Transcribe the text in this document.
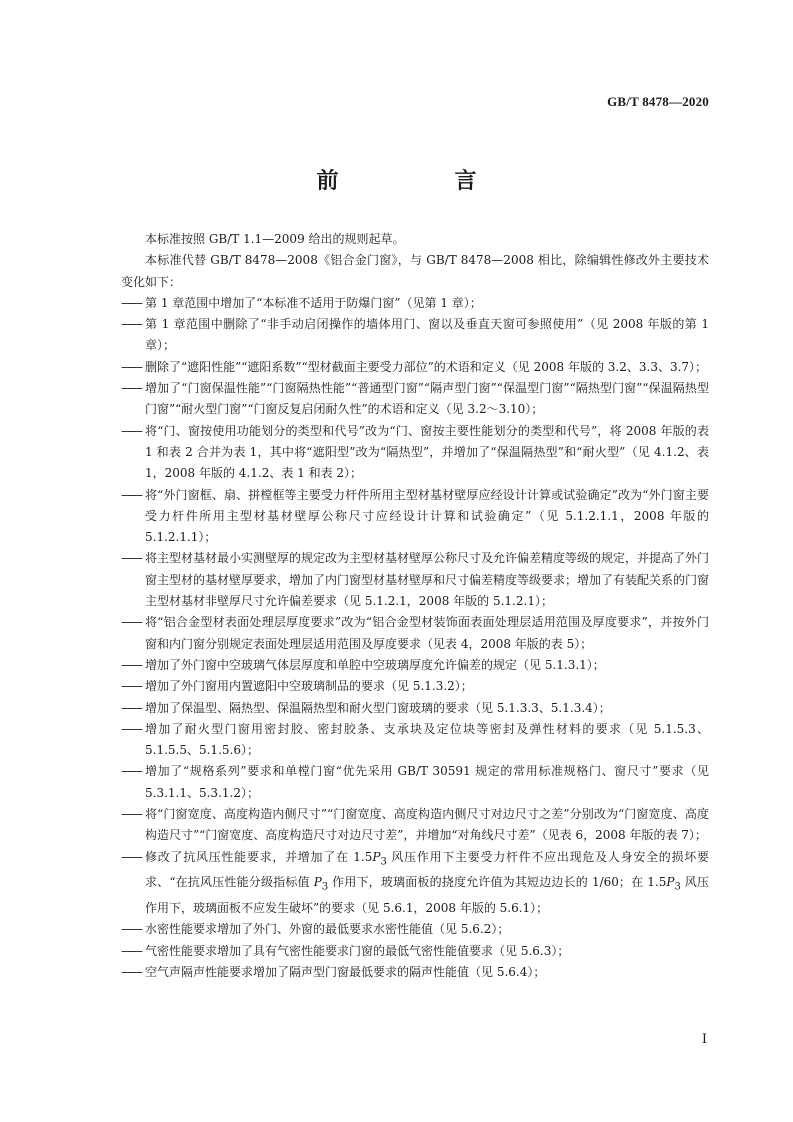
GB/T 8478—2020
前　　言

本标准按照 GB/T 1.1—2009 给出的规则起草。

本标准代替 GB/T 8478—2008《铝合金门窗》，与 GB/T 8478—2008 相比，除编辑性修改外主要技术变化如下：

—— 第 1 章范围中增加了“本标准不适用于防爆门窗”（见第 1 章）；

—— 第 1 章范围中删除了“非手动启闭操作的墙体用门、窗以及垂直天窗可参照使用”（见 2008 年版的第 1 章）；

—— 删除了“遮阳性能”“遮阳系数”“型材截面主要受力部位”的术语和定义（见 2008 年版的 3.2、3.3、3.7）；

—— 增加了“门窗保温性能”“门窗隔热性能”“普通型门窗”“隔声型门窗”“保温型门窗”“隔热型门窗”“保温隔热型门窗”“耐火型门窗”“门窗反复启闭耐久性”的术语和定义（见 3.2～3.10）；

—— 将“门、窗按使用功能划分的类型和代号”改为“门、窗按主要性能划分的类型和代号”，将 2008 年版的表 1 和表 2 合并为表 1，其中将“遮阳型”改为“隔热型”，并增加了“保温隔热型”和“耐火型”（见 4.1.2、表 1，2008 年版的 4.1.2、表 1 和表 2）；

—— 将“外门窗框、扇、拼樘框等主要受力杆件所用主型材基材壁厚应经设计计算或试验确定”改为“外门窗主要受力杆件所用主型材基材壁厚公称尺寸应经设计计算和试验确定”（见 5.1.2.1.1，2008 年版的 5.1.2.1.1）；

—— 将主型材基材最小实测壁厚的规定改为主型材基材壁厚公称尺寸及允许偏差精度等级的规定，并提高了外门窗主型材的基材壁厚要求，增加了内门窗型材基材壁厚和尺寸偏差精度等级要求；增加了有装配关系的门窗主型材基材非壁厚尺寸允许偏差要求（见 5.1.2.1，2008 年版的 5.1.2.1）；

—— 将“铝合金型材表面处理层厚度要求”改为“铝合金型材装饰面表面处理层适用范围及厚度要求”，并按外门窗和内门窗分别规定表面处理层适用范围及厚度要求（见表 4，2008 年版的表 5）；

—— 增加了外门窗中空玻璃气体层厚度和单腔中空玻璃厚度允许偏差的规定（见 5.1.3.1）；

—— 增加了外门窗用内置遮阳中空玻璃制品的要求（见 5.1.3.2）；

—— 增加了保温型、隔热型、保温隔热型和耐火型门窗玻璃的要求（见 5.1.3.3、5.1.3.4）；

—— 增加了耐火型门窗用密封胶、密封胶条、支承块及定位块等密封及弹性材料的要求（见 5.1.5.3、5.1.5.5、5.1.5.6）；

—— 增加了“规格系列”要求和单樘门窗“优先采用 GB/T 30591 规定的常用标准规格门、窗尺寸”要求（见 5.3.1.1、5.3.1.2）；

—— 将“门窗宽度、高度构造内侧尺寸”“门窗宽度、高度构造内侧尺寸对边尺寸之差”分别改为“门窗宽度、高度构造尺寸”“门窗宽度、高度构造尺寸对边尺寸差”，并增加“对角线尺寸差”（见表 6，2008 年版的表 7）；

—— 修改了抗风压性能要求，并增加了在 $1.5P_3$ 风压作用下主要受力杆件不应出现危及人身安全的损坏要求、“在抗风压性能分级指标值 $P_3$ 作用下，玻璃面板的挠度允许值为其短边边长的 1/60；在 $1.5P_3$ 风压作用下，玻璃面板不应发生破坏”的要求（见 5.6.1，2008 年版的 5.6.1）；

—— 水密性能要求增加了外门、外窗的最低要求水密性能值（见 5.6.2）；

—— 气密性能要求增加了具有气密性能要求门窗的最低气密性能值要求（见 5.6.3）；

—— 空气声隔声性能要求增加了隔声型门窗最低要求的隔声性能值（见 5.6.4）；

I
